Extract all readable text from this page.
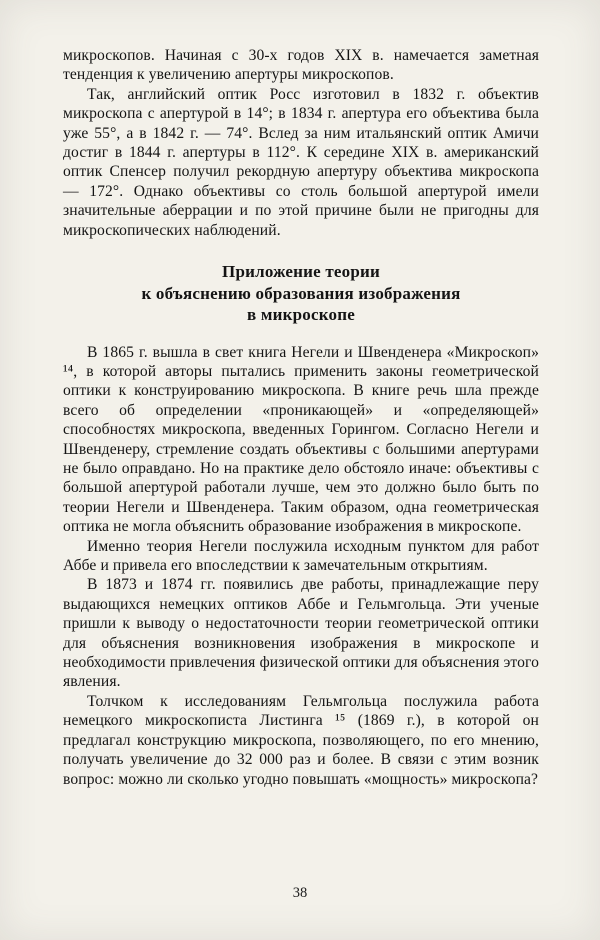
микроскопов. Начиная с 30-х годов XIX в. намечается заметная тенденция к увеличению апертуры микроскопов.

Так, английский оптик Росс изготовил в 1832 г. объектив микроскопа с апертурой в 14°; в 1834 г. апертура его объектива была уже 55°, а в 1842 г. — 74°. Вслед за ним итальянский оптик Амичи достиг в 1844 г. апертуры в 112°. К середине XIX в. американский оптик Спенсер получил рекордную апертуру объектива микроскопа — 172°. Однако объективы со столь большой апертурой имели значительные аберрации и по этой причине были не пригодны для микроскопических наблюдений.

Приложение теории
к объяснению образования изображения
в микроскопе

В 1865 г. вышла в свет книга Негели и Швенденера «Микроскоп» ¹⁴, в которой авторы пытались применить законы геометрической оптики к конструированию микроскопа. В книге речь шла прежде всего об определении «проникающей» и «определяющей» способностях микроскопа, введенных Горингом. Согласно Негели и Швенденеру, стремление создать объективы с большими апертурами не было оправдано. Но на практике дело обстояло иначе: объективы с большой апертурой работали лучше, чем это должно было быть по теории Негели и Швенденера. Таким образом, одна геометрическая оптика не могла объяснить образование изображения в микроскопе.

Именно теория Негели послужила исходным пунктом для работ Аббе и привела его впоследствии к замечательным открытиям.

В 1873 и 1874 гг. появились две работы, принадлежащие перу выдающихся немецких оптиков Аббе и Гельмгольца. Эти ученые пришли к выводу о недостаточности теории геометрической оптики для объяснения возникновения изображения в микроскопе и необходимости привлечения физической оптики для объяснения этого явления.

Толчком к исследованиям Гельмгольца послужила работа немецкого микроскописта Листинга ¹⁵ (1869 г.), в которой он предлагал конструкцию микроскопа, позволяющего, по его мнению, получать увеличение до 32 000 раз и более. В связи с этим возник вопрос: можно ли сколько угодно повышать «мощность» микроскопа?

38
